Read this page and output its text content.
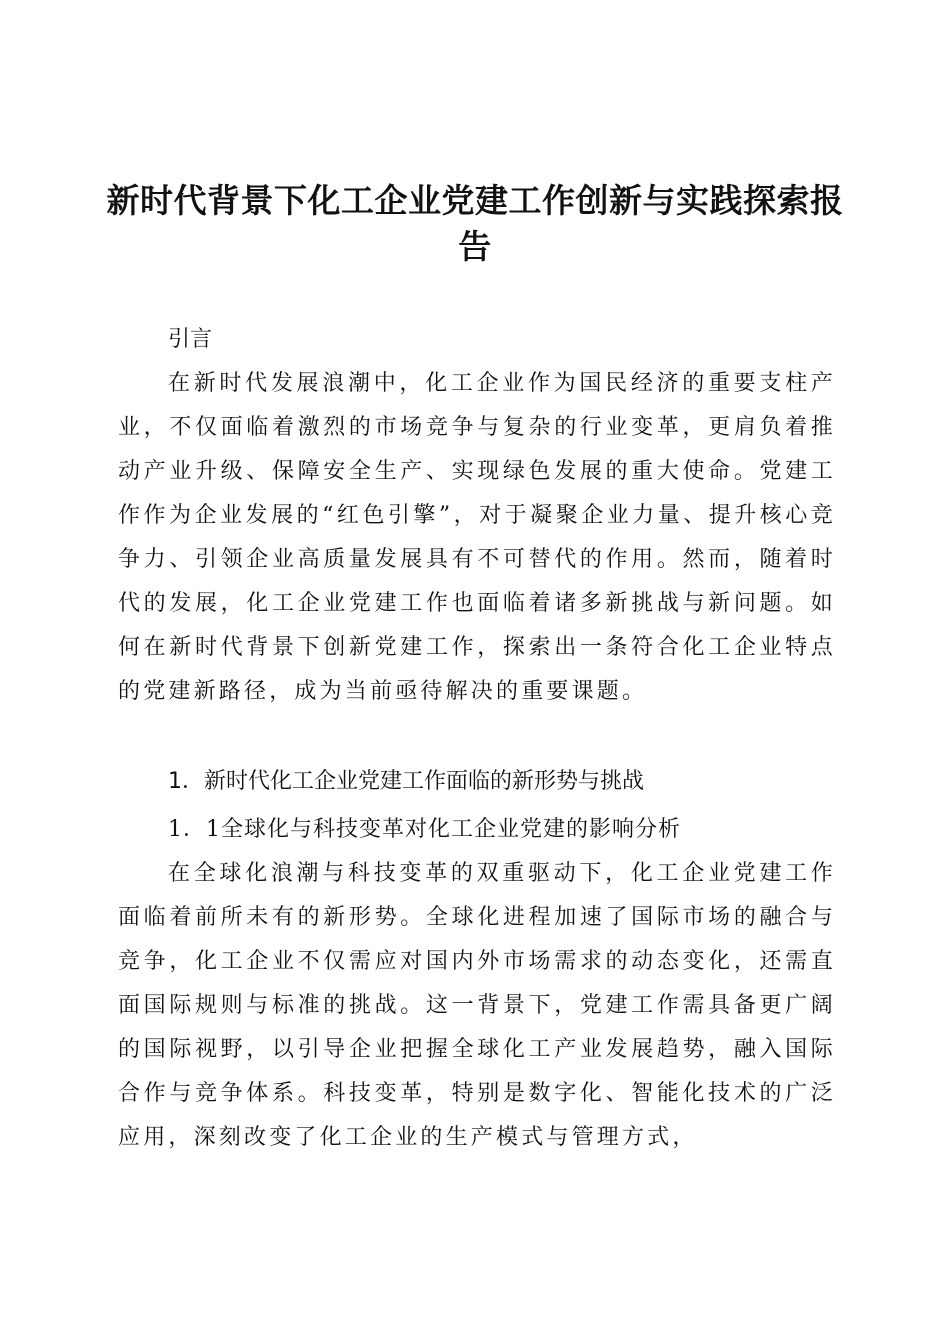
新时代背景下化工企业党建工作创新与实践探索报告

引言

在新时代发展浪潮中，化工企业作为国民经济的重要支柱产业，不仅面临着激烈的市场竞争与复杂的行业变革，更肩负着推动产业升级、保障安全生产、实现绿色发展的重大使命。党建工作作为企业发展的“红色引擎”，对于凝聚企业力量、提升核心竞争力、引领企业高质量发展具有不可替代的作用。然而，随着时代的发展，化工企业党建工作也面临着诸多新挑战与新问题。如何在新时代背景下创新党建工作，探索出一条符合化工企业特点的党建新路径，成为当前亟待解决的重要课题。

1．新时代化工企业党建工作面临的新形势与挑战

1．1全球化与科技变革对化工企业党建的影响分析

在全球化浪潮与科技变革的双重驱动下，化工企业党建工作面临着前所未有的新形势。全球化进程加速了国际市场的融合与竞争，化工企业不仅需应对国内外市场需求的动态变化，还需直面国际规则与标准的挑战。这一背景下，党建工作需具备更广阔的国际视野，以引导企业把握全球化工产业发展趋势，融入国际合作与竞争体系。科技变革，特别是数字化、智能化技术的广泛应用，深刻改变了化工企业的生产模式与管理方式，
